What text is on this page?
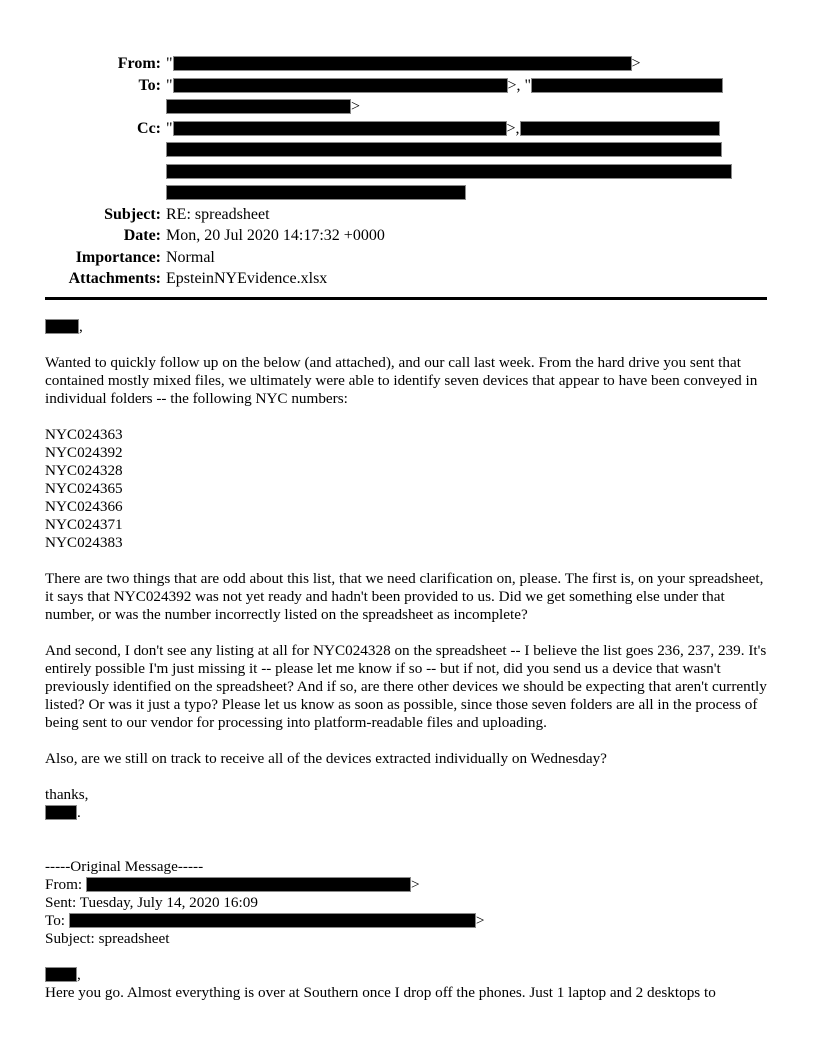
From: "	>
To: "	>, "
>
Cc: "	>,
Subject: RE: spreadsheet
Date: Mon, 20 Jul 2020 14:17:32 +0000
Importance: Normal
Attachments: EpsteinNYEvidence.xlsx

,

Wanted to quickly follow up on the below (and attached), and our call last week. From the hard drive you sent that contained mostly mixed files, we ultimately were able to identify seven devices that appear to have been conveyed in individual folders -- the following NYC numbers:

NYC024363
NYC024392
NYC024328
NYC024365
NYC024366
NYC024371
NYC024383

There are two things that are odd about this list, that we need clarification on, please. The first is, on your spreadsheet, it says that NYC024392 was not yet ready and hadn't been provided to us. Did we get something else under that number, or was the number incorrectly listed on the spreadsheet as incomplete?

And second, I don't see any listing at all for NYC024328 on the spreadsheet -- I believe the list goes 236, 237, 239. It's entirely possible I'm just missing it -- please let me know if so -- but if not, did you send us a device that wasn't previously identified on the spreadsheet? And if so, are there other devices we should be expecting that aren't currently listed? Or was it just a typo? Please let us know as soon as possible, since those seven folders are all in the process of being sent to our vendor for processing into platform-readable files and uploading.

Also, are we still on track to receive all of the devices extracted individually on Wednesday?

thanks,

.

-----Original Message-----

From:	>

Sent: Tuesday, July 14, 2020 16:09

To:	>

Subject: spreadsheet

,

Here you go. Almost everything is over at Southern once I drop off the phones. Just 1 laptop and 2 desktops to
